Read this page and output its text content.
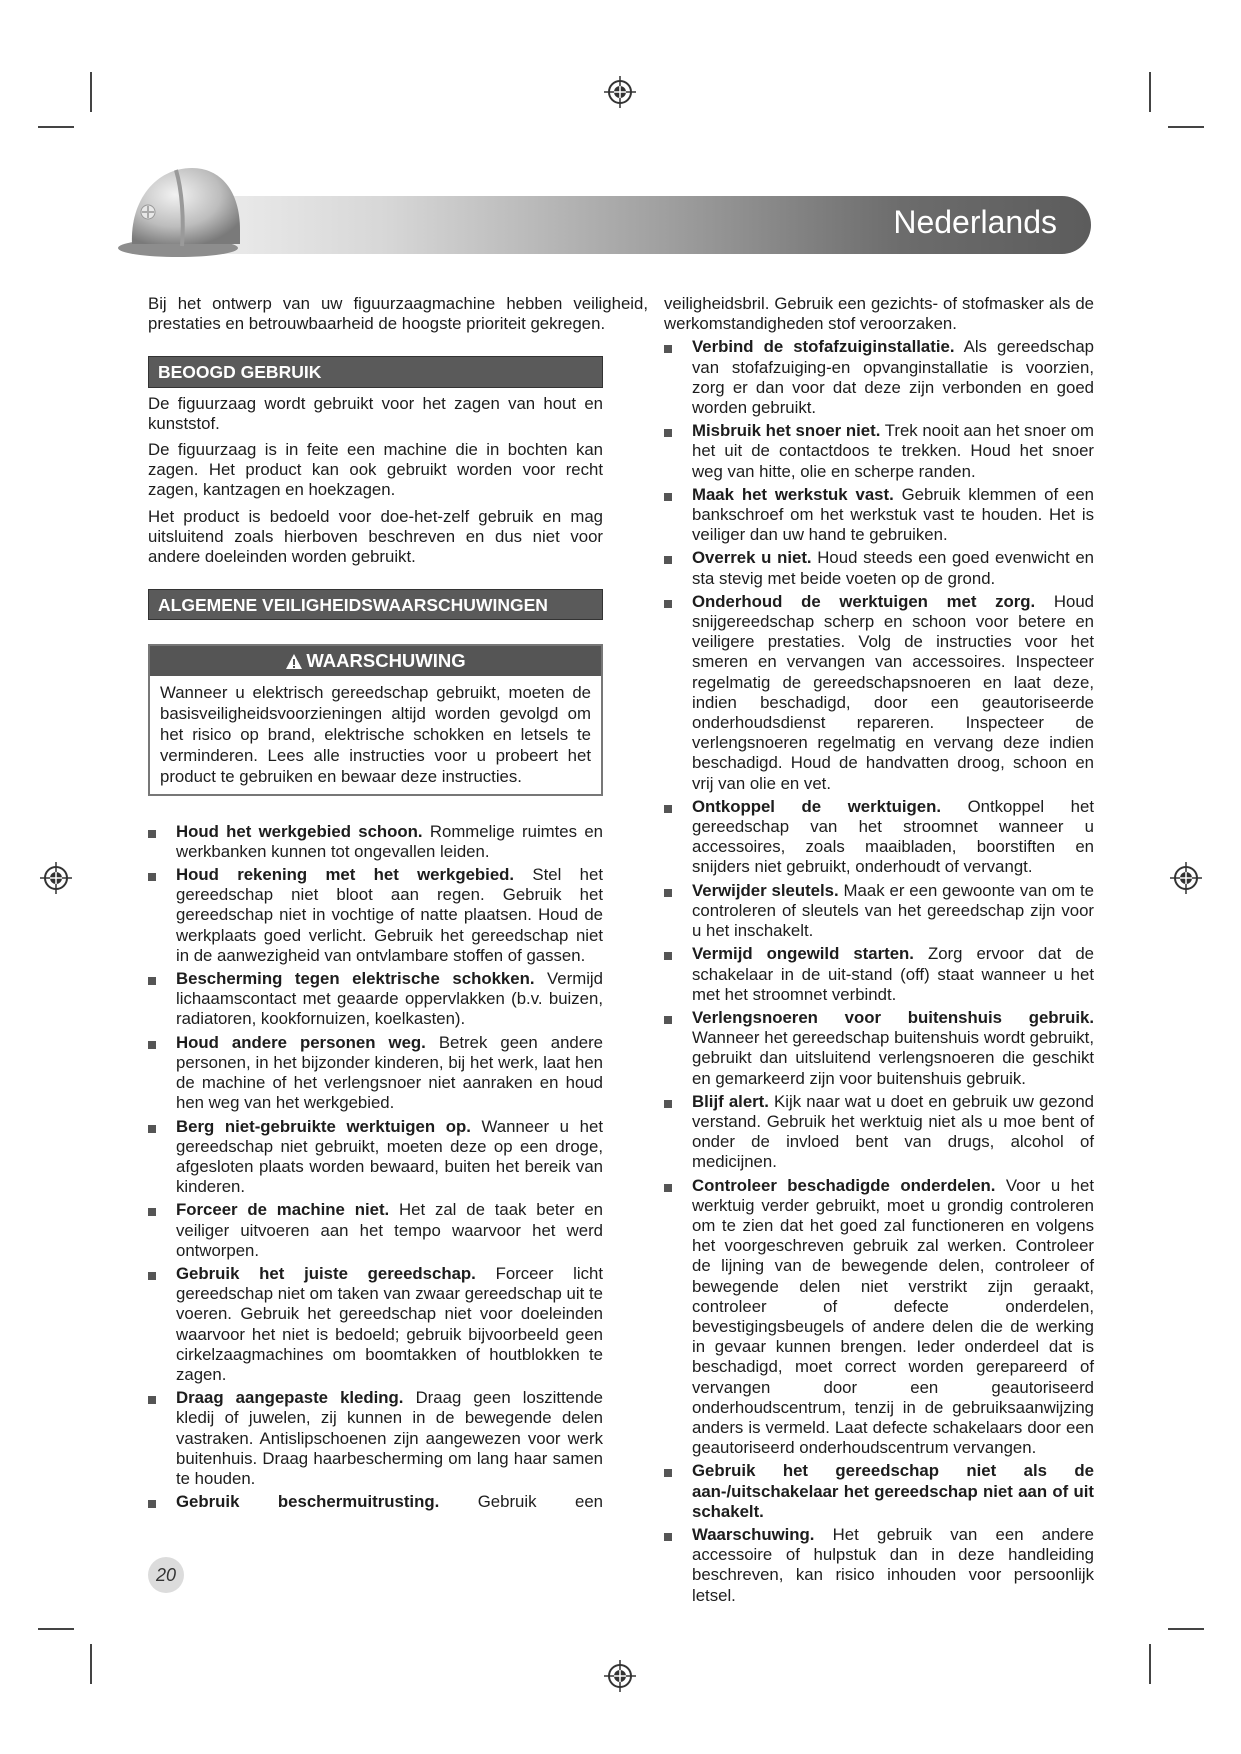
Nederlands

Bij het ontwerp van uw figuurzaagmachine hebben veiligheid, prestaties en betrouwbaarheid de hoogste prioriteit gekregen.

BEOOGD GEBRUIK

De figuurzaag wordt gebruikt voor het zagen van hout en kunststof.

De figuurzaag is in feite een machine die in bochten kan zagen. Het product kan ook gebruikt worden voor recht zagen, kantzagen en hoekzagen.

Het product is bedoeld voor doe-het-zelf gebruik en mag uitsluitend zoals hierboven beschreven en dus niet voor andere doeleinden worden gebruikt.

ALGEMENE VEILIGHEIDSWAARSCHUWINGEN
WAARSCHUWING
Wanneer u elektrisch gereedschap gebruikt, moeten de basisveiligheidsvoorzieningen altijd worden gevolgd om het risico op brand, elektrische schokken en letsels te verminderen. Lees alle instructies voor u probeert het product te gebruiken en bewaar deze instructies.
Houd het werkgebied schoon. Rommelige ruimtes en werkbanken kunnen tot ongevallen leiden.
Houd rekening met het werkgebied. Stel het gereedschap niet bloot aan regen. Gebruik het gereedschap niet in vochtige of natte plaatsen. Houd de werkplaats goed verlicht. Gebruik het gereedschap niet in de aanwezigheid van ontvlambare stoffen of gassen.
Bescherming tegen elektrische schokken. Vermijd lichaamscontact met geaarde oppervlakken (b.v. buizen, radiatoren, kookfornuizen, koelkasten).
Houd andere personen weg. Betrek geen andere personen, in het bijzonder kinderen, bij het werk, laat hen de machine of het verlengsnoer niet aanraken en houd hen weg van het werkgebied.
Berg niet-gebruikte werktuigen op. Wanneer u het gereedschap niet gebruikt, moeten deze op een droge, afgesloten plaats worden bewaard, buiten het bereik van kinderen.
Forceer de machine niet. Het zal de taak beter en veiliger uitvoeren aan het tempo waarvoor het werd ontworpen.
Gebruik het juiste gereedschap. Forceer licht gereedschap niet om taken van zwaar gereedschap uit te voeren. Gebruik het gereedschap niet voor doeleinden waarvoor het niet is bedoeld; gebruik bijvoorbeeld geen cirkelzaagmachines om boomtakken of houtblokken te zagen.
Draag aangepaste kleding. Draag geen loszittende kledij of juwelen, zij kunnen in de bewegende delen vastraken. Antislipschoenen zijn aangewezen voor werk buitenhuis. Draag haarbescherming om lang haar samen te houden.
Gebruik beschermuitrusting. Gebruik een

veiligheidsbril. Gebruik een gezichts- of stofmasker als de werkomstandigheden stof veroorzaken.

Verbind de stofafzuiginstallatie. Als gereedschap van stofafzuiging-en opvanginstallatie is voorzien, zorg er dan voor dat deze zijn verbonden en goed worden gebruikt.
Misbruik het snoer niet. Trek nooit aan het snoer om het uit de contactdoos te trekken. Houd het snoer weg van hitte, olie en scherpe randen.
Maak het werkstuk vast. Gebruik klemmen of een bankschroef om het werkstuk vast te houden. Het is veiliger dan uw hand te gebruiken.
Overrek u niet. Houd steeds een goed evenwicht en sta stevig met beide voeten op de grond.
Onderhoud de werktuigen met zorg. Houd snijgereedschap scherp en schoon voor betere en veiligere prestaties. Volg de instructies voor het smeren en vervangen van accessoires. Inspecteer regelmatig de gereedschapsnoeren en laat deze, indien beschadigd, door een geautoriseerde onderhoudsdienst repareren. Inspecteer de verlengsnoeren regelmatig en vervang deze indien beschadigd. Houd de handvatten droog, schoon en vrij van olie en vet.
Ontkoppel de werktuigen. Ontkoppel het gereedschap van het stroomnet wanneer u accessoires, zoals maaibladen, boorstiften en snijders niet gebruikt, onderhoudt of vervangt.
Verwijder sleutels. Maak er een gewoonte van om te controleren of sleutels van het gereedschap zijn voor u het inschakelt.
Vermijd ongewild starten. Zorg ervoor dat de schakelaar in de uit-stand (off) staat wanneer u het met het stroomnet verbindt.
Verlengsnoeren voor buitenshuis gebruik. Wanneer het gereedschap buitenshuis wordt gebruikt, gebruikt dan uitsluitend verlengsnoeren die geschikt en gemarkeerd zijn voor buitenshuis gebruik.
Blijf alert. Kijk naar wat u doet en gebruik uw gezond verstand. Gebruik het werktuig niet als u moe bent of onder de invloed bent van drugs, alcohol of medicijnen.
Controleer beschadigde onderdelen. Voor u het werktuig verder gebruikt, moet u grondig controleren om te zien dat het goed zal functioneren en volgens het voorgeschreven gebruik zal werken. Controleer de lijning van de bewegende delen, controleer of bewegende delen niet verstrikt zijn geraakt, controleer of defecte onderdelen, bevestigingsbeugels of andere delen die de werking in gevaar kunnen brengen. Ieder onderdeel dat is beschadigd, moet correct worden gerepareerd of vervangen door een geautoriseerd onderhoudscentrum, tenzij in de gebruiksaanwijzing anders is vermeld. Laat defecte schakelaars door een geautoriseerd onderhoudscentrum vervangen.
Gebruik het gereedschap niet als de aan-/uitschakelaar het gereedschap niet aan of uit schakelt.
Waarschuwing. Het gebruik van een andere accessoire of hulpstuk dan in deze handleiding beschreven, kan risico inhouden voor persoonlijk letsel.
20
